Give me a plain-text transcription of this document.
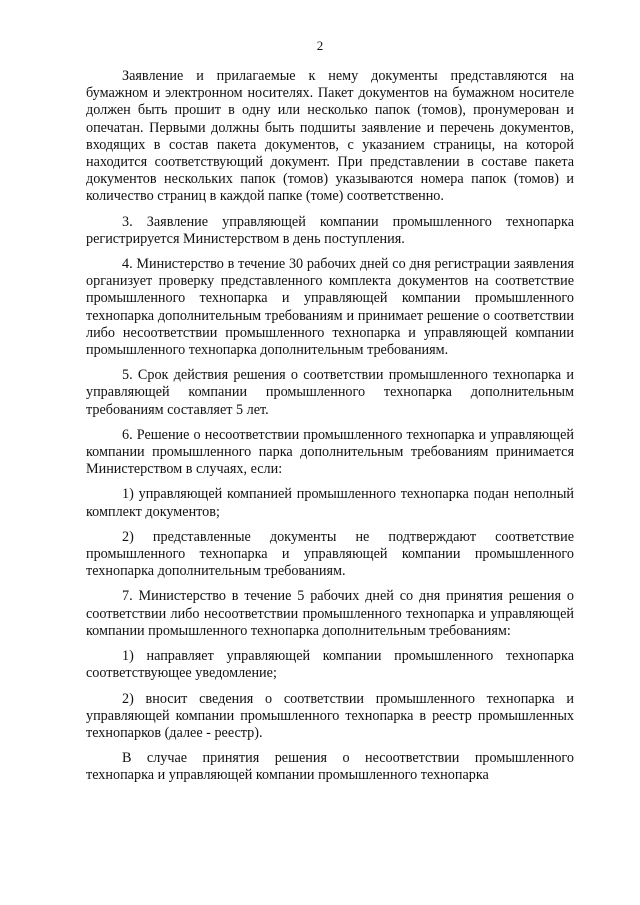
2

Заявление и прилагаемые к нему документы представляются на бумажном и электронном носителях. Пакет документов на бумажном носителе должен быть прошит в одну или несколько папок (томов), пронумерован и опечатан. Первыми должны быть подшиты заявление и перечень документов, входящих в состав пакета документов, с указанием страницы, на которой находится соответствующий документ. При представлении в составе пакета документов нескольких папок (томов) указываются номера папок (томов) и количество страниц в каждой папке (томе) соответственно.

3. Заявление управляющей компании промышленного технопарка регистрируется Министерством в день поступления.

4. Министерство в течение 30 рабочих дней со дня регистрации заявления организует проверку представленного комплекта документов на соответствие промышленного технопарка и управляющей компании промышленного технопарка дополнительным требованиям и принимает решение о соответствии либо несоответствии промышленного технопарка и управляющей компании промышленного технопарка дополнительным требованиям.

5. Срок действия решения о соответствии промышленного технопарка и управляющей компании промышленного технопарка дополнительным требованиям составляет 5 лет.

6. Решение о несоответствии промышленного технопарка и управляющей компании промышленного парка дополнительным требованиям принимается Министерством в случаях, если:

1) управляющей компанией промышленного технопарка подан неполный комплект документов;

2) представленные документы не подтверждают соответствие промышленного технопарка и управляющей компании промышленного технопарка дополнительным требованиям.

7. Министерство в течение 5 рабочих дней со дня принятия решения о соответствии либо несоответствии промышленного технопарка и управляющей компании промышленного технопарка дополнительным требованиям:

1) направляет управляющей компании промышленного технопарка соответствующее уведомление;

2) вносит сведения о соответствии промышленного технопарка и управляющей компании промышленного технопарка в реестр промышленных технопарков (далее - реестр).

В случае принятия решения о несоответствии промышленного технопарка и управляющей компании промышленного технопарка
